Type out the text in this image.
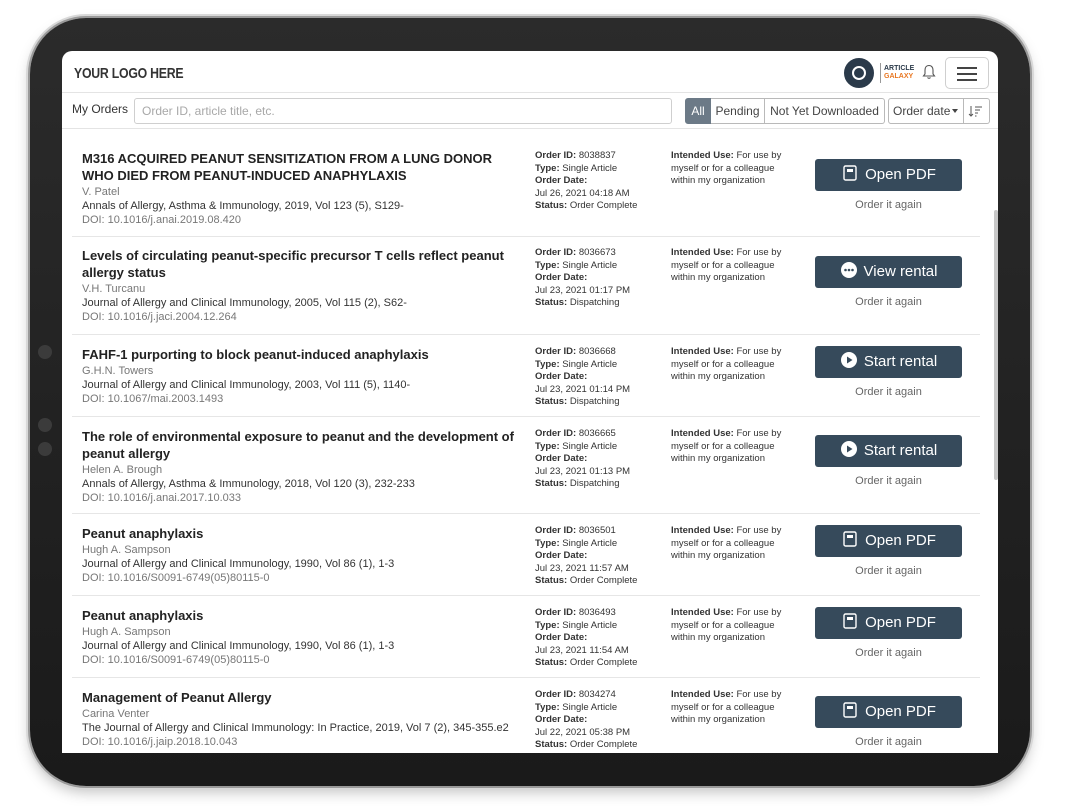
YOUR LOGO HERE	ARTICLE
GALAXY
My Orders
Order ID, article title, etc.	All Pending Not Yet Downloaded	Order date
M316 ACQUIRED PEANUT SENSITIZATION FROM A LUNG DONOR WHO DIED FROM PEANUT-INDUCED ANAPHYLAXIS
V. Patel
Annals of Allergy, Asthma & Immunology, 2019, Vol 123 (5), S129-
DOI: 10.1016/j.anai.2019.08.420
Order ID: 8038837
Type: Single Article
Order Date:
Jul 26, 2021 04:18 AM
Status: Order Complete
Intended Use: For use by myself or for a colleague within my organization	Open PDF
Order it again
Levels of circulating peanut-specific precursor T cells reflect peanut allergy status
V.H. Turcanu
Journal of Allergy and Clinical Immunology, 2005, Vol 115 (2), S62-
DOI: 10.1016/j.jaci.2004.12.264
Order ID: 8036673
Type: Single Article
Order Date:
Jul 23, 2021 01:17 PM
Status: Dispatching
Intended Use: For use by myself or for a colleague within my organization	View rental
Order it again
FAHF-1 purporting to block peanut-induced anaphylaxis
G.H.N. Towers
Journal of Allergy and Clinical Immunology, 2003, Vol 111 (5), 1140-
DOI: 10.1067/mai.2003.1493
Order ID: 8036668
Type: Single Article
Order Date:
Jul 23, 2021 01:14 PM
Status: Dispatching
Intended Use: For use by myself or for a colleague within my organization
Start rental
Order it again
The role of environmental exposure to peanut and the development of peanut allergy
Helen A. Brough
Annals of Allergy, Asthma & Immunology, 2018, Vol 120 (3), 232-233
DOI: 10.1016/j.anai.2017.10.033
Order ID: 8036665
Type: Single Article
Order Date:
Jul 23, 2021 01:13 PM
Status: Dispatching
Intended Use: For use by myself or for a colleague within my organization	Start rental
Order it again
Peanut anaphylaxis
Hugh A. Sampson
Journal of Allergy and Clinical Immunology, 1990, Vol 86 (1), 1-3
DOI: 10.1016/S0091-6749(05)80115-0
Order ID: 8036501
Type: Single Article
Order Date:
Jul 23, 2021 11:57 AM
Status: Order Complete
Intended Use: For use by myself or for a colleague within my organization
Open PDF
Order it again
Peanut anaphylaxis
Hugh A. Sampson
Journal of Allergy and Clinical Immunology, 1990, Vol 86 (1), 1-3
DOI: 10.1016/S0091-6749(05)80115-0
Order ID: 8036493
Type: Single Article
Order Date:
Jul 23, 2021 11:54 AM
Status: Order Complete
Intended Use: For use by myself or for a colleague within my organization
Open PDF
Order it again
Management of Peanut Allergy
Carina Venter
The Journal of Allergy and Clinical Immunology: In Practice, 2019, Vol 7 (2), 345-355.e2
DOI: 10.1016/j.jaip.2018.10.043
Order ID: 8034274
Type: Single Article
Order Date:
Jul 22, 2021 05:38 PM
Status: Order Complete
Intended Use: For use by myself or for a colleague within my organization	Open PDF
Order it again
